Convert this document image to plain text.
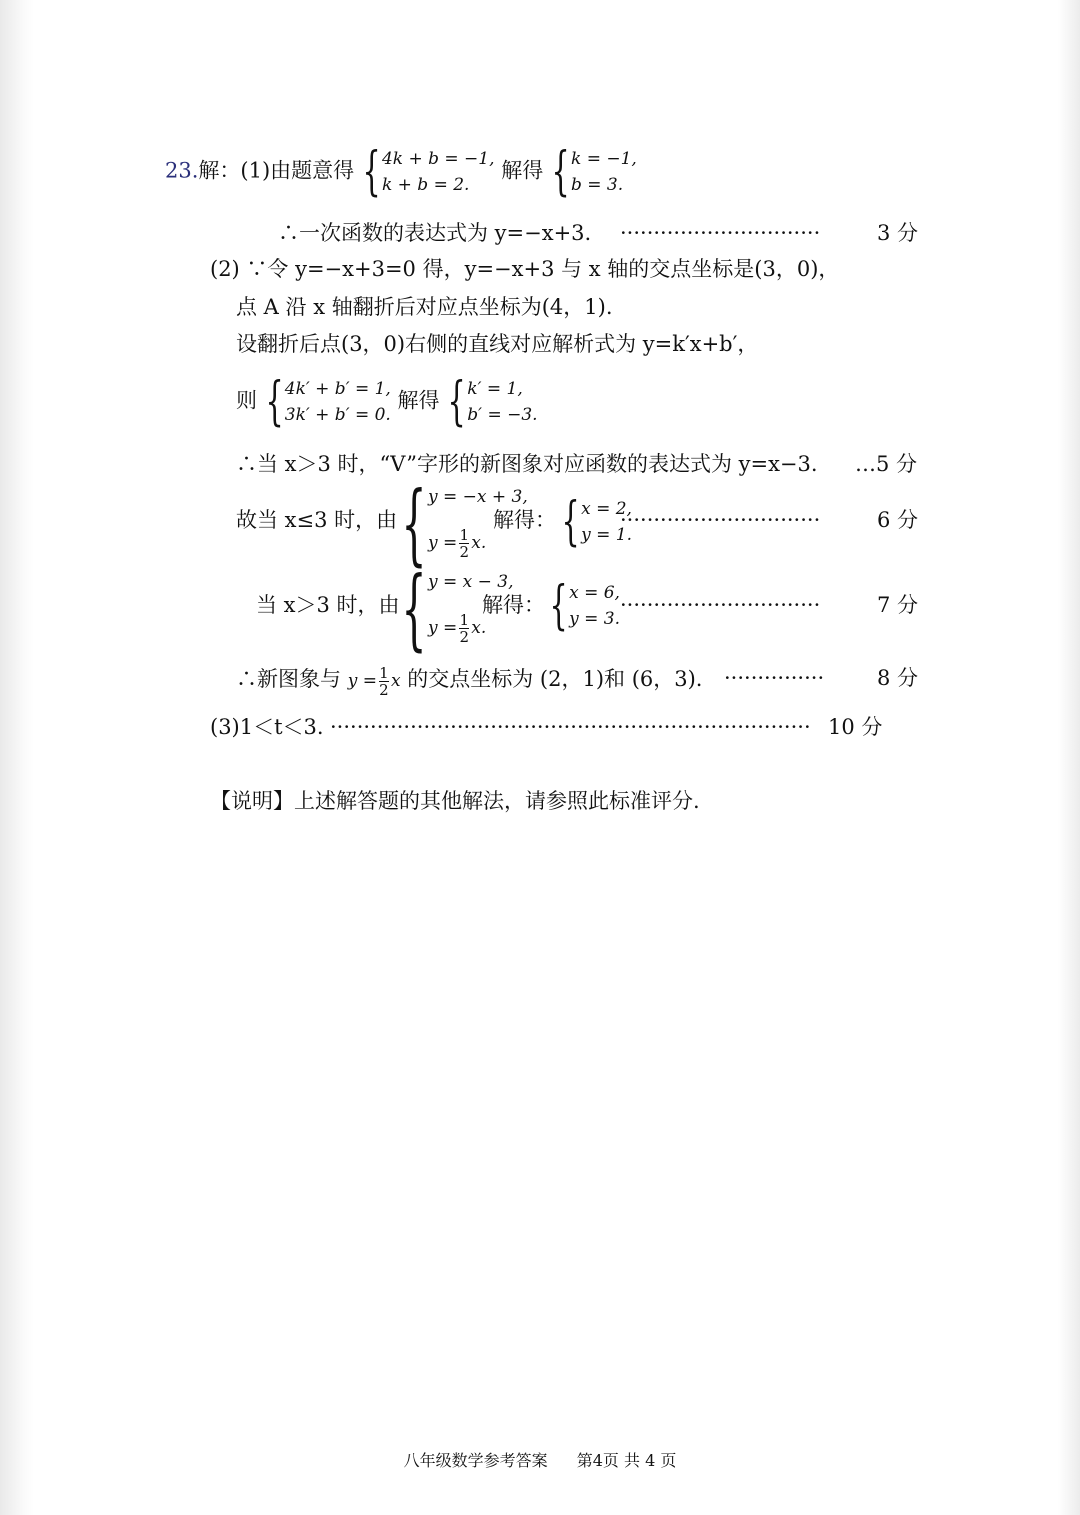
23.解：(1)由题意得 { 4k + b = −1,
k + b = 2.
解得 { k = −1,
b = 3.
∴一次函数的表达式为 y=−x+3. ······························	3 分
(2) ∵令 y=−x+3=0 得，y=−x+3 与 x 轴的交点坐标是(3，0)，
点 A 沿 x 轴翻折后对应点坐标为(4，1).
设翻折后点(3，0)右侧的直线对应解析式为 y=k′x+b′，
则 { 4k′ + b′ = 1,
3k′ + b′ = 0.
解得 { k′ = 1,
b′ = −3.
∴当 x＞3 时，“V”字形的新图象对应函数的表达式为 y=x−3. …5 分
故当 x≤3 时，由 { y = −x + 3,
$y = \frac{1}{2} x$.
解得： { x = 2,
y = 1.
······························	6 分
当 x＞3 时，由 { y = x − 3,
$y = \frac{1}{2} x$.
解得： { x = 6,
y = 3.
······························	7 分
∴新图象与 $y = \frac{1}{2}$ x 的交点坐标为 (2，1)和 (6，3). ···············	8 分
(3)1＜t＜3. ········································································ 10 分
【说明】上述解答题的其他解法，请参照此标准评分.
八年级数学参考答案 第4页 共 4 页
